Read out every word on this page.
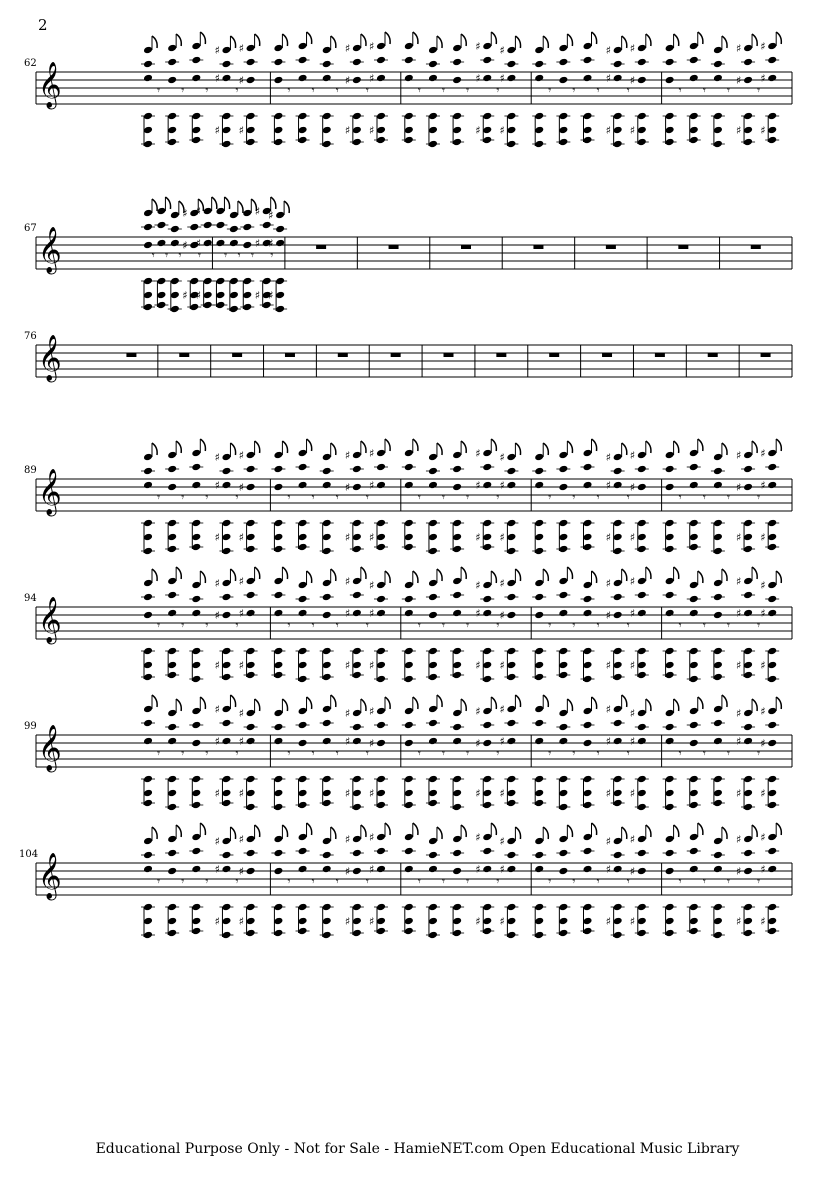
2
62 𝄞	𝄾 𝄾 𝄾
♯
♯
♯
𝄾
♯
♯
♯
𝄾 𝄾 𝄾
♯
♯
♯
𝄾
♯
♯
♯
𝄾 𝄾 𝄾
♯
♯
♯
𝄾
♯
♯
♯
𝄾 𝄾 𝄾
♯
♯
♯
𝄾
♯
♯
♯
𝄾 𝄾 𝄾
♯
♯
♯
𝄾
♯
♯
♯
67 𝄞	𝄾 𝄾 𝄾
♯
♯
♯
𝄾
♯
♯
♯
𝄾 𝄾 𝄾
♯
♯
♯
𝄾
♯
♯
♯
76 𝄞
89 𝄞	𝄾 𝄾 𝄾
♯
♯
♯
𝄾
♯
♯
♯
𝄾 𝄾 𝄾
♯
♯
♯
𝄾
♯
♯
♯
𝄾 𝄾 𝄾
♯
♯
♯
𝄾
♯
♯
♯
𝄾 𝄾 𝄾
♯
♯
♯
𝄾
♯
♯
♯
𝄾 𝄾 𝄾
♯
♯
♯
𝄾
♯
♯
♯
94 𝄞	𝄾 𝄾 𝄾
♯
♯
♯
𝄾
♯
♯
♯
𝄾 𝄾 𝄾
♯
♯
♯
𝄾
♯
♯
♯
𝄾 𝄾 𝄾
♯
♯
♯
𝄾
♯
♯
♯
𝄾 𝄾 𝄾
♯
♯
♯
𝄾
♯
♯
♯
𝄾 𝄾 𝄾
♯
♯
♯
𝄾
♯
♯
♯
99 𝄞	𝄾 𝄾 𝄾
♯
♯
♯
𝄾
♯
♯
♯
𝄾 𝄾 𝄾
♯
♯
♯
𝄾
♯
♯
♯
𝄾 𝄾 𝄾
♯
♯
♯
𝄾
♯
♯
♯
𝄾 𝄾 𝄾
♯
♯
♯
𝄾
♯
♯
♯
𝄾 𝄾 𝄾
♯
♯
♯
𝄾
♯
♯
♯
104 𝄞	𝄾 𝄾 𝄾
♯
♯
♯
𝄾
♯
♯
♯
𝄾 𝄾 𝄾
♯
♯
♯
𝄾
♯
♯
♯
𝄾 𝄾 𝄾
♯
♯
♯
𝄾
♯
♯
♯
𝄾 𝄾 𝄾
♯
♯
♯
𝄾
♯
♯
♯
𝄾 𝄾 𝄾
♯
♯
♯
𝄾
♯
♯
♯
Educational Purpose Only - Not for Sale - HamieNET.com Open Educational Music Library
